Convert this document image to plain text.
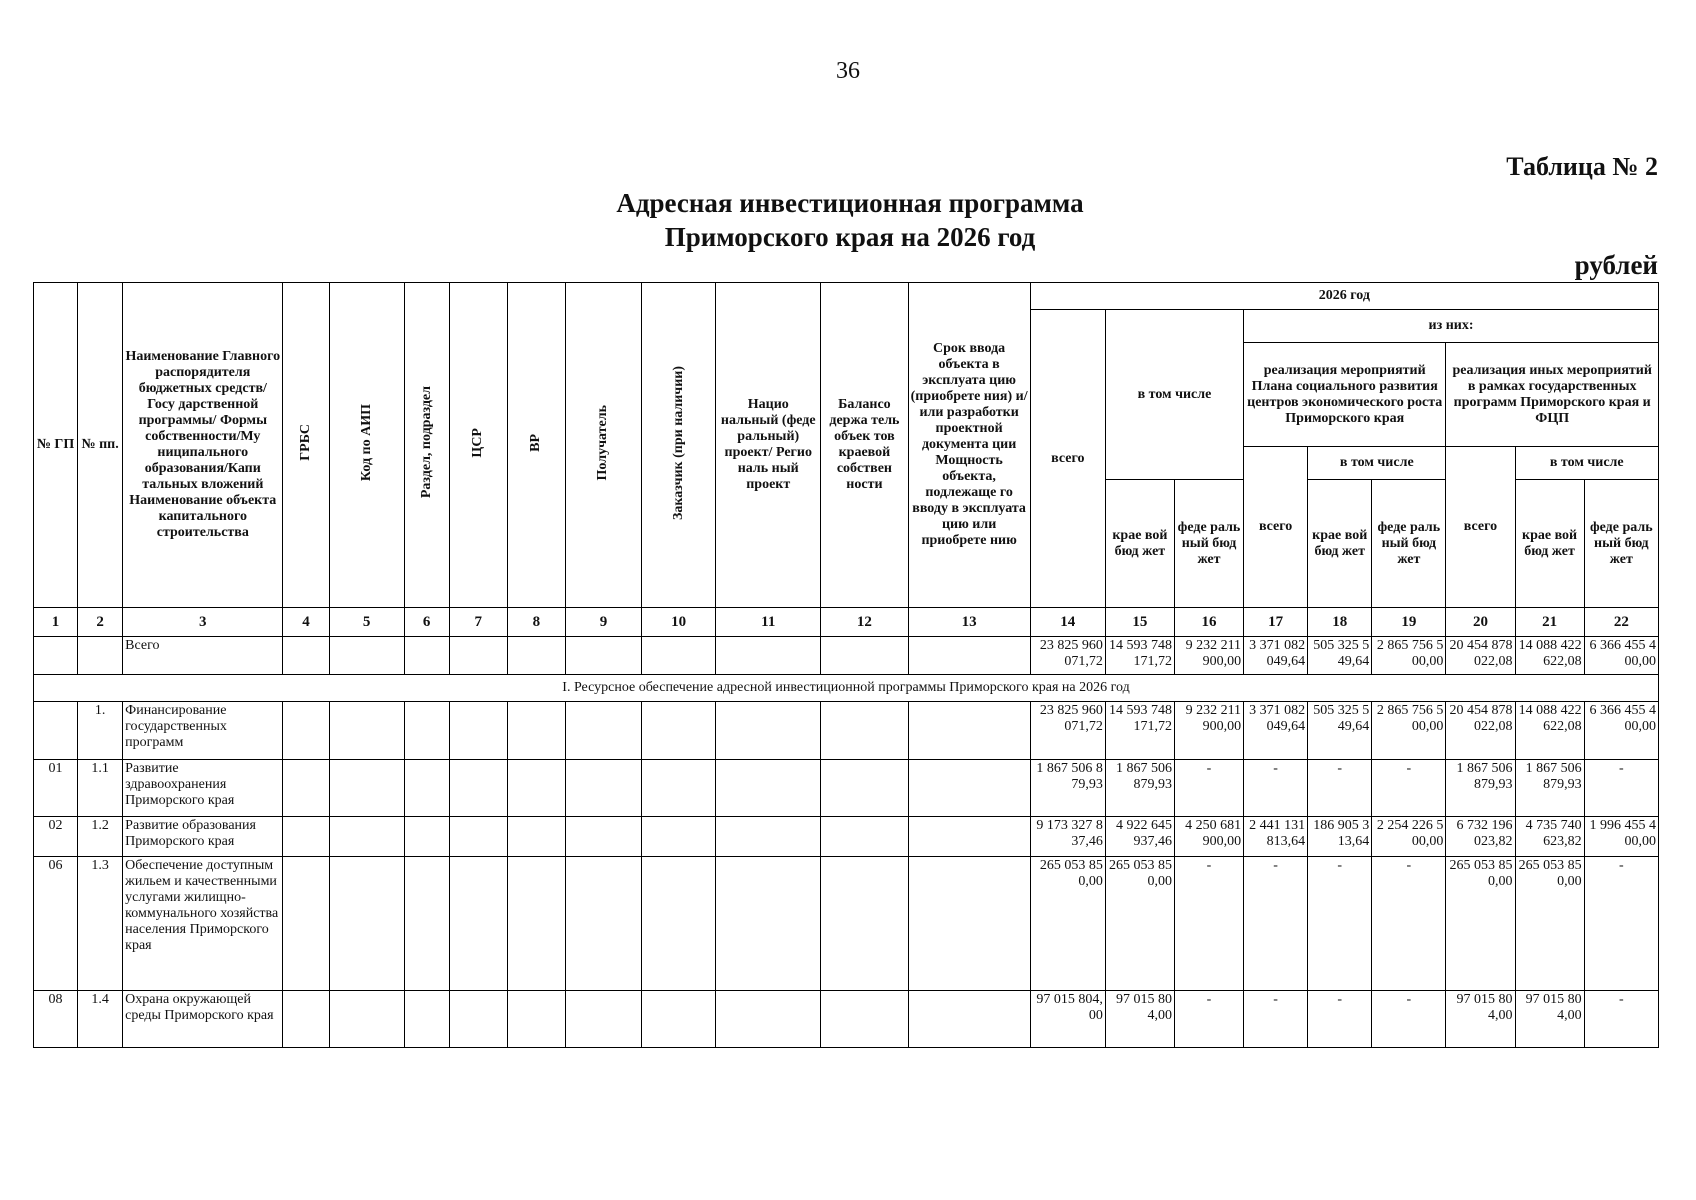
36
Таблица № 2
Адресная инвестиционная программа
Приморского края на 2026 год
рублей
№ ГП	№ пп.	Наименование Главного распорядителя бюджетных средств/Госу дарственной программы/ Формы собственности/Му ниципального образования/Капи тальных вложений Наименование объекта капитального строительства	ГРБС	Код по АИП	Раздел, подраздел	ЦСР	ВР	Получатель	Заказчик (при наличии)	Нацио нальный (феде ральный) проект/ Регио наль ный проект	Балансо держа тель объек тов краевой собствен ности	Срок ввода объекта в эксплуата цию (приобрете ния) и/или разработки проектной документа ции Мощность объекта, подлежаще го вводу в эксплуата цию или приобрете нию	2026 год								
													всего	в том числе		из них:					
																реализация мероприятий Плана социального развития центров экономического роста Приморского края			реализация иных мероприятий в рамках государственных программ Приморского края и ФЦП		
																всего	в том числе		всего	в том числе	
														крае вой бюд жет	феде раль ный бюд жет		крае вой бюд жет	феде раль ный бюд жет		крае вой бюд жет	феде раль ный бюд жет
1	2	3	4	5	6	7	8	9	10	11	12	13	14	15	16	17	18	19	20	21	22
		Всего											23 825 960 071,72	14 593 748 171,72	9 232 211 900,00	3 371 082 049,64	505 325 549,64	2 865 756 500,00	20 454 878 022,08	14 088 422 622,08	6 366 455 400,00
I. Ресурсное обеспечение адресной инвестиционной программы Приморского края на 2026 год																					
	1.	Финансирование государственных программ											23 825 960 071,72	14 593 748 171,72	9 232 211 900,00	3 371 082 049,64	505 325 549,64	2 865 756 500,00	20 454 878 022,08	14 088 422 622,08	6 366 455 400,00
01	1.1	Развитие здравоохранения Приморского края											1 867 506 879,93	1 867 506 879,93	-	-	-	-	1 867 506 879,93	1 867 506 879,93	-
02	1.2	Развитие образования Приморского края											9 173 327 837,46	4 922 645 937,46	4 250 681 900,00	2 441 131 813,64	186 905 313,64	2 254 226 500,00	6 732 196 023,82	4 735 740 623,82	1 996 455 400,00
06	1.3	Обеспечение доступным жильем и качественными услугами жилищно-коммунального хозяйства населения Приморского края											265 053 850,00	265 053 850,00	-	-	-	-	265 053 850,00	265 053 850,00	-
08	1.4	Охрана окружающей среды Приморского края											97 015 804,00	97 015 804,00	-	-	-	-	97 015 804,00	97 015 804,00	-
